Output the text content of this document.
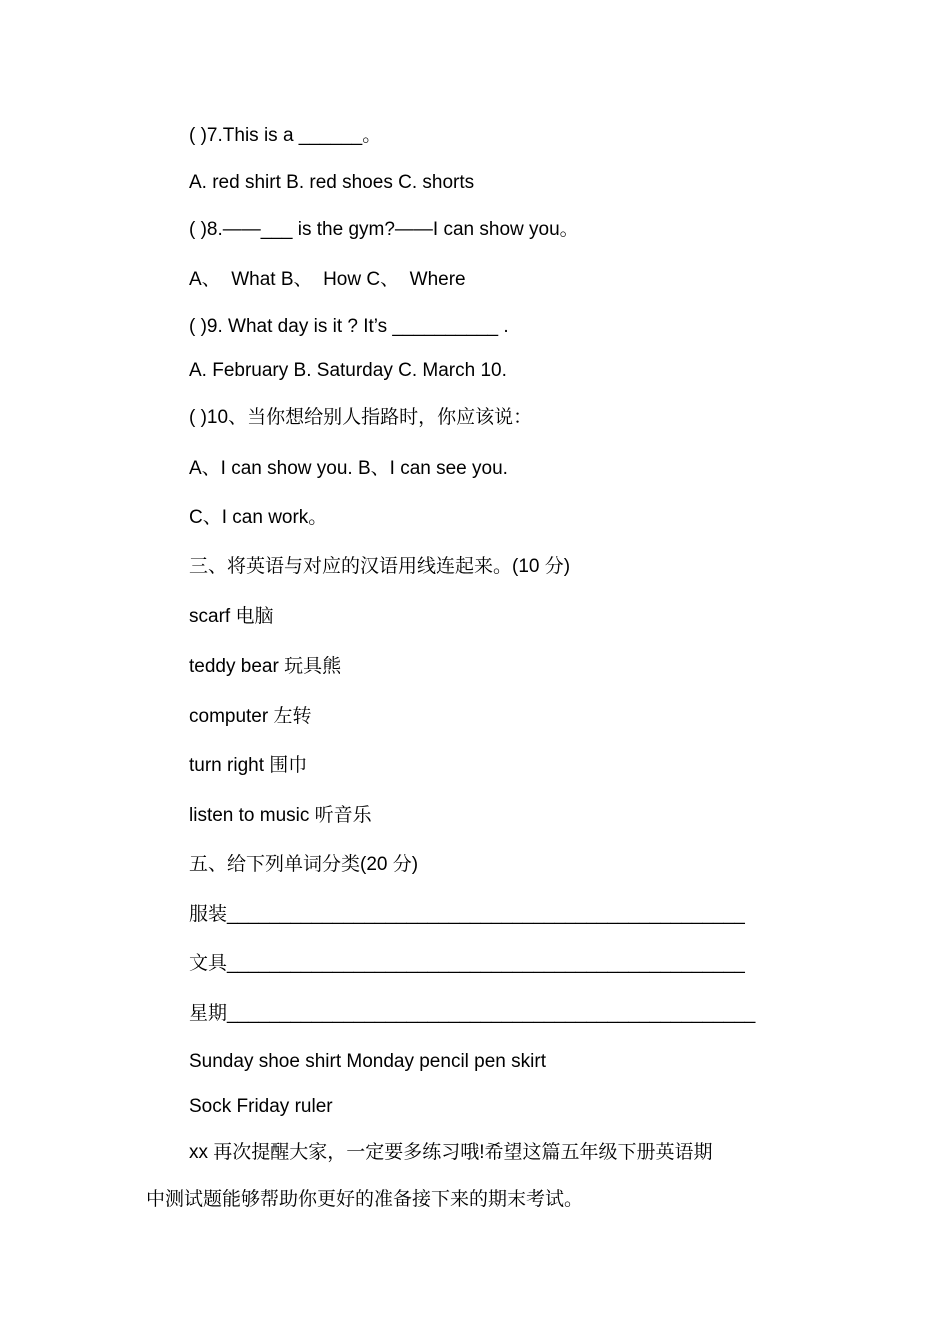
( )7.This is a ______。
A. red shirt B. red shoes C. shorts
( )8.——___ is the gym?——I can show you。
A、  What B、  How C、  Where
( )9. What day is it ? It’s __________ .
A. February B. Saturday C. March 10.
( )10、当你想给别人指路时，你应该说：
A、I can show you. B、I can see you.
C、I can work。
三、将英语与对应的汉语用线连起来。(10 分)
scarf 电脑
teddy bear 玩具熊
computer 左转
turn right 围巾
listen to music 听音乐
五、给下列单词分类(20 分)
服装_________________________________________________
文具_________________________________________________
星期__________________________________________________
Sunday shoe shirt Monday pencil pen skirt
Sock Friday ruler
xx 再次提醒大家，一定要多练习哦!希望这篇五年级下册英语期
中测试题能够帮助你更好的准备接下来的期末考试。
